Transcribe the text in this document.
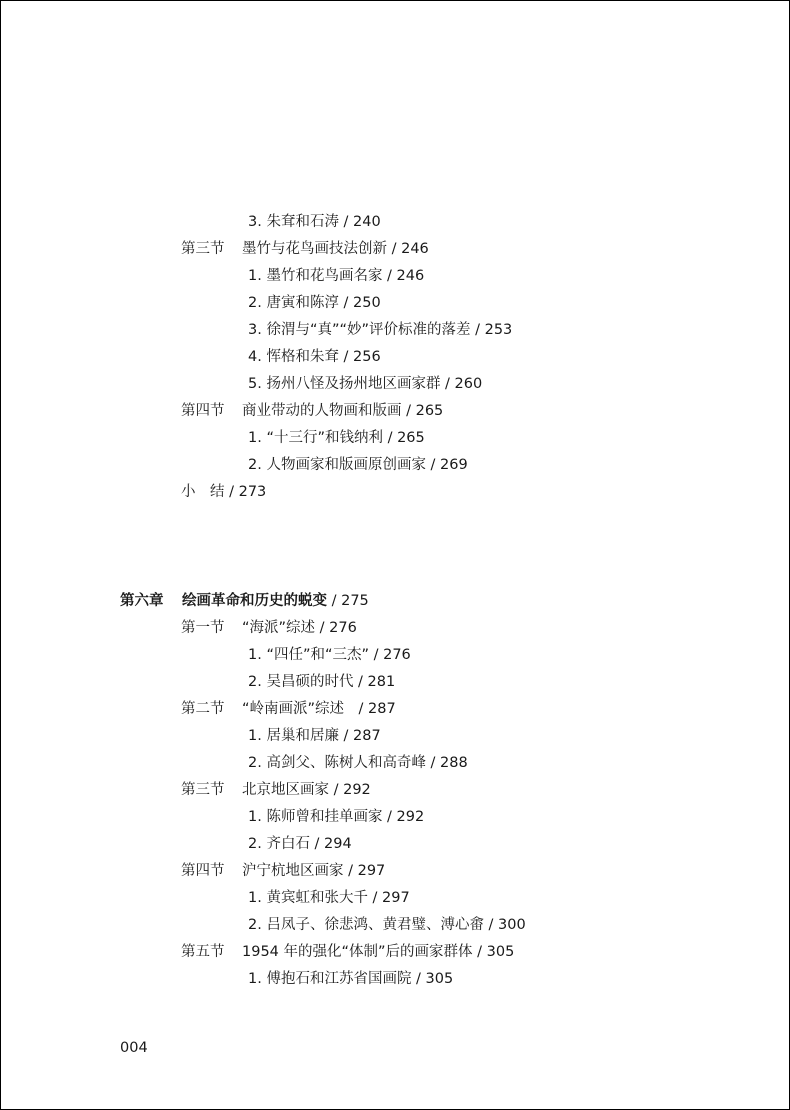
3. 朱耷和石涛 / 240
第三节 墨竹与花鸟画技法创新 / 246
1. 墨竹和花鸟画名家 / 246
2. 唐寅和陈淳 / 250
3. 徐渭与“真”“妙”评价标准的落差 / 253
4. 恽格和朱耷 / 256
5. 扬州八怪及扬州地区画家群 / 260
第四节 商业带动的人物画和版画 / 265
1. “十三行”和钱纳利 / 265
2. 人物画家和版画原创画家 / 269
小　结 / 273
第六章 绘画革命和历史的蜕变 / 275
第一节 “海派”综述 / 276
1. “四任”和“三杰” / 276
2. 吴昌硕的时代 / 281
第二节 “岭南画派”综述　/ 287
1. 居巢和居廉 / 287
2. 高剑父、陈树人和高奇峰 / 288
第三节 北京地区画家 / 292
1. 陈师曾和挂单画家 / 292
2. 齐白石 / 294
第四节 沪宁杭地区画家 / 297
1. 黄宾虹和张大千 / 297
2. 吕凤子、徐悲鸿、黄君璧、溥心畬 / 300
第五节 1954 年的强化“体制”后的画家群体 / 305
1. 傅抱石和江苏省国画院 / 305
004
